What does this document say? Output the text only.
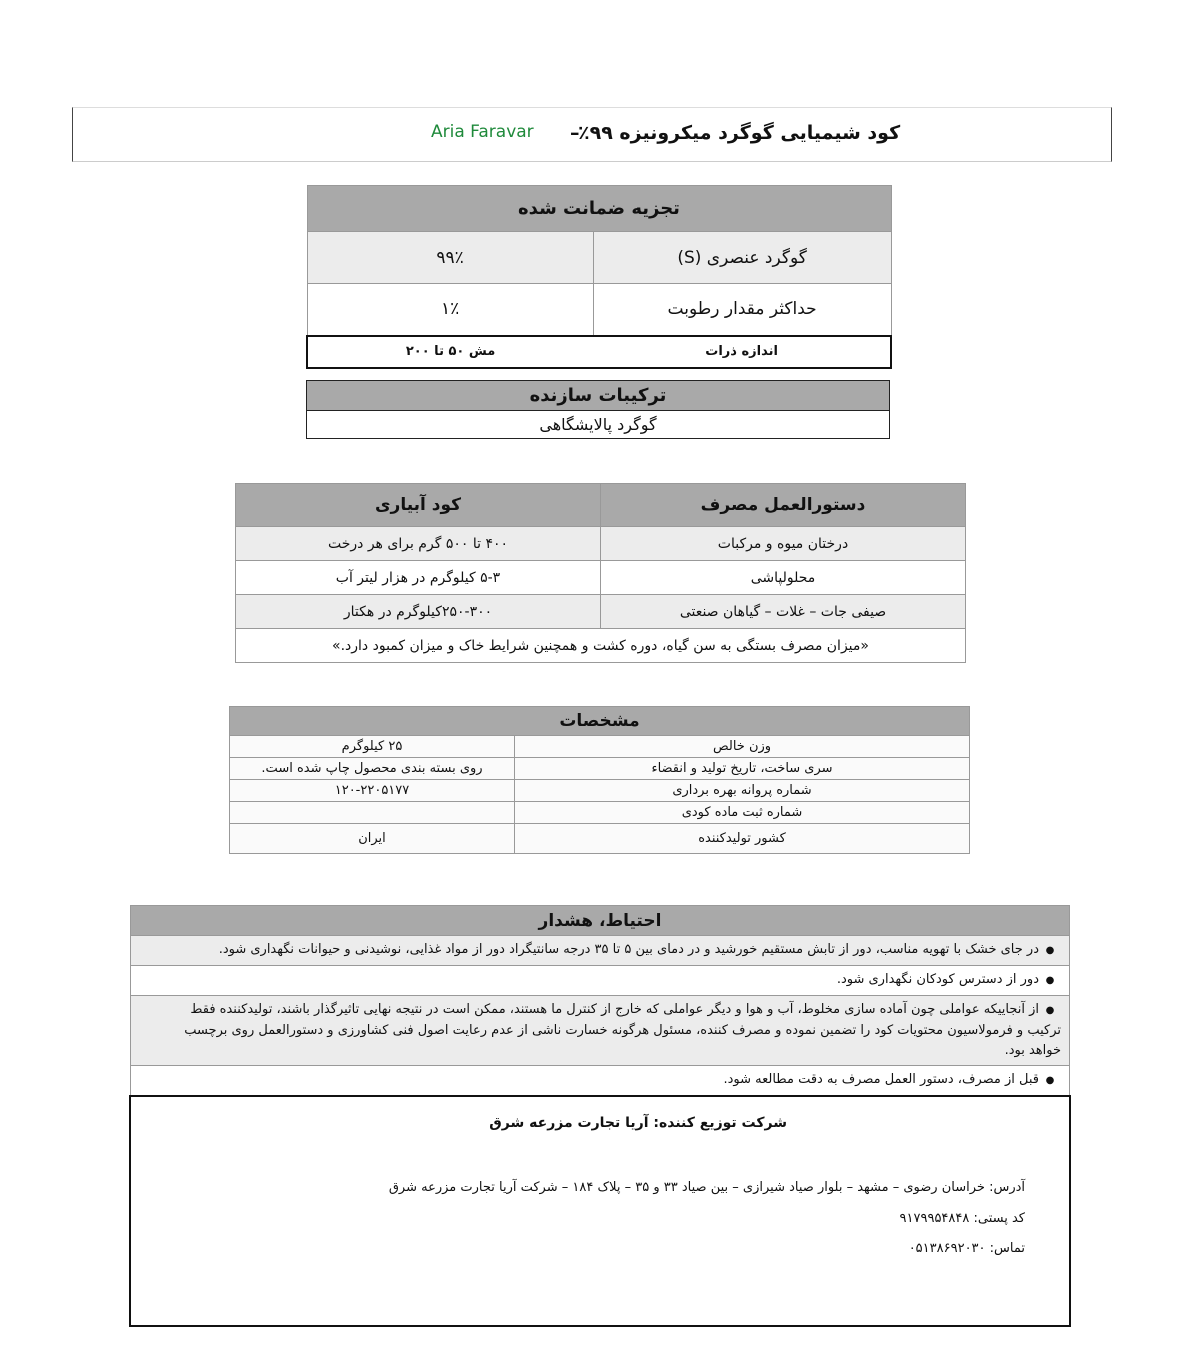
کود شیمیایی گوگرد میکرونیزه ۹۹٪
–
Aria Faravar
تجزیه ضمانت شده	
گوگرد عنصری (S)	۹۹٪
حداکثر مقدار رطوبت	۱٪
اندازه ذرات	مش ۵۰ تا ۲۰۰
ترکیبات سازنده
گوگرد پالایشگاهی
دستورالعمل مصرف	کود آبیاری
درختان میوه و مرکبات	۴۰۰ تا ۵۰۰ گرم برای هر درخت
محلولپاشی	۵-۳ کیلوگرم در هزار لیتر آب
صیفی جات – غلات – گیاهان صنعتی	۲۵۰-۳۰۰کیلوگرم در هکتار
«میزان مصرف بستگی به سن گیاه، دوره کشت و همچنین شرایط خاک و میزان کمبود دارد.»	
مشخصات	
وزن خالص	۲۵ کیلوگرم
سری ساخت، تاریخ تولید و انقضاء	روی بسته بندی محصول چاپ شده است.
شماره پروانه بهره برداری	۱۲۰-۲۲۰۵۱۷۷
شماره ثبت ماده کودی	
کشور تولیدکننده	ایران
احتیاط، هشدار
●در جای خشک با تهویه مناسب، دور از تابش مستقیم خورشید و در دمای بین ۵ تا ۳۵ درجه سانتیگراد دور از مواد غذایی، نوشیدنی و حیوانات نگهداری شود.
●دور از دسترس کودکان نگهداری شود.
●از آنجاییکه عواملی چون آماده سازی مخلوط، آب و هوا و دیگر عواملی که خارج از کنترل ما هستند، ممکن است در نتیجه نهایی تاثیرگذار باشند، تولیدکننده فقط ترکیب و فرمولاسیون محتویات کود را تضمین نموده و مصرف کننده، مسئول هرگونه خسارت ناشی از عدم رعایت اصول فنی کشاورزی و دستورالعمل روی برچسب خواهد بود.
●قبل از مصرف، دستور العمل مصرف به دقت مطالعه شود.
شرکت توزیع کننده: آریا تجارت مزرعه شرق
آدرس: خراسان رضوی – مشهد – بلوار صیاد شیرازی – بین صیاد ۳۳ و ۳۵ – پلاک ۱۸۴ – شرکت آریا تجارت مزرعه شرق
کد پستی: ۹۱۷۹۹۵۴۸۴۸
تماس: ۰۵۱۳۸۶۹۲۰۳۰
